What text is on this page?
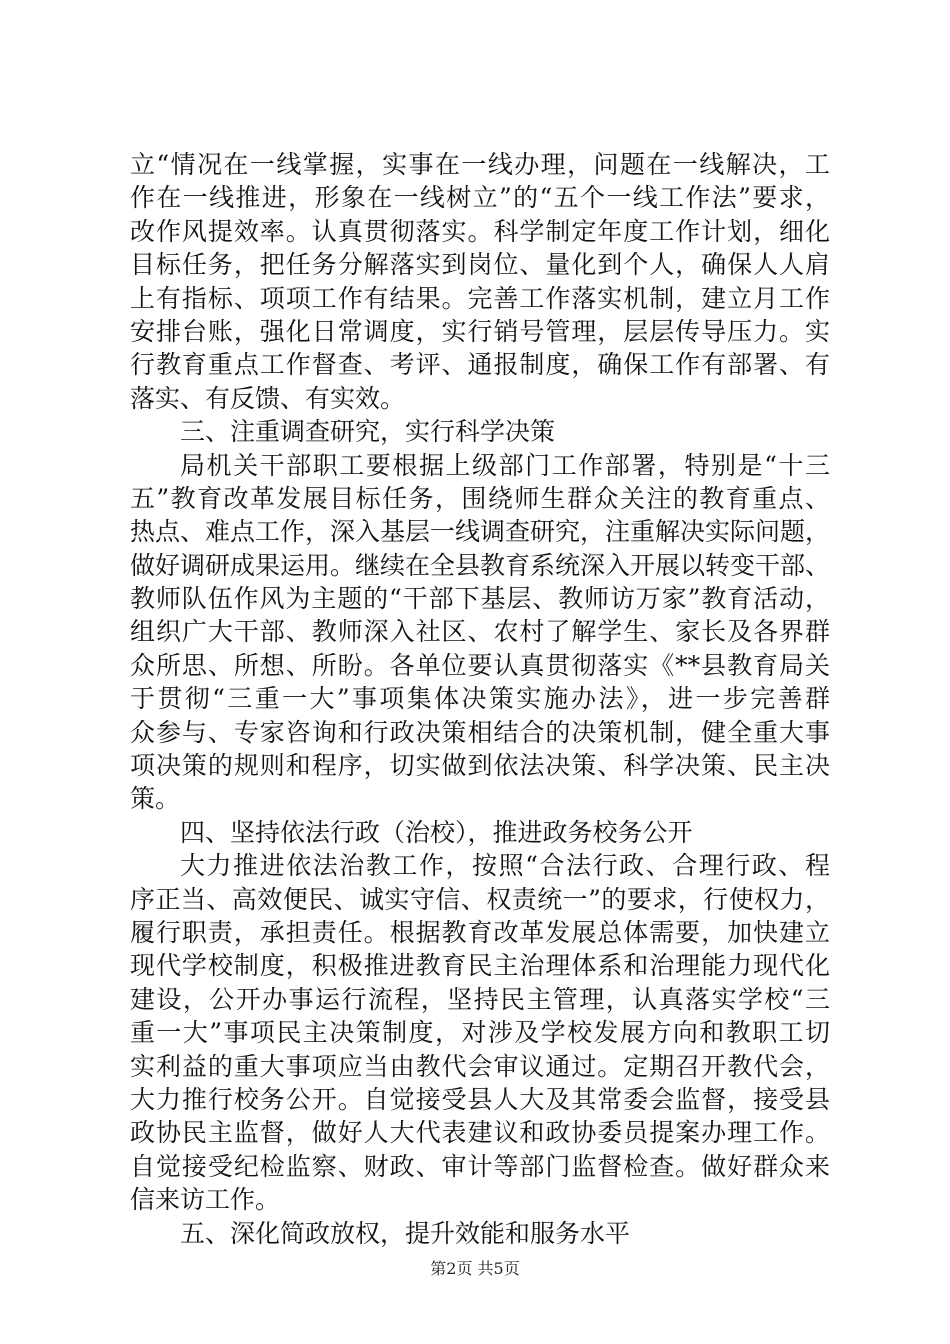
立“情况在一线掌握，实事在一线办理，问题在一线解决，工
作在一线推进，形象在一线树立”的“五个一线工作法”要求，
改作风提效率。认真贯彻落实。科学制定年度工作计划，细化
目标任务，把任务分解落实到岗位、量化到个人，确保人人肩
上有指标、项项工作有结果。完善工作落实机制，建立月工作
安排台账，强化日常调度，实行销号管理，层层传导压力。实
行教育重点工作督查、考评、通报制度，确保工作有部署、有
落实、有反馈、有实效。
三、注重调查研究，实行科学决策
局机关干部职工要根据上级部门工作部署，特别是“十三
五”教育改革发展目标任务，围绕师生群众关注的教育重点、
热点、难点工作，深入基层一线调查研究，注重解决实际问题，
做好调研成果运用。继续在全县教育系统深入开展以转变干部、
教师队伍作风为主题的“干部下基层、教师访万家”教育活动，
组织广大干部、教师深入社区、农村了解学生、家长及各界群
众所思、所想、所盼。各单位要认真贯彻落实《**县教育局关
于贯彻“三重一大”事项集体决策实施办法》，进一步完善群
众参与、专家咨询和行政决策相结合的决策机制，健全重大事
项决策的规则和程序，切实做到依法决策、科学决策、民主决
策。
四、坚持依法行政（治校），推进政务校务公开
大力推进依法治教工作，按照“合法行政、合理行政、程
序正当、高效便民、诚实守信、权责统一”的要求，行使权力，
履行职责，承担责任。根据教育改革发展总体需要，加快建立
现代学校制度，积极推进教育民主治理体系和治理能力现代化
建设，公开办事运行流程，坚持民主管理，认真落实学校“三
重一大”事项民主决策制度，对涉及学校发展方向和教职工切
实利益的重大事项应当由教代会审议通过。定期召开教代会，
大力推行校务公开。自觉接受县人大及其常委会监督，接受县
政协民主监督，做好人大代表建议和政协委员提案办理工作。
自觉接受纪检监察、财政、审计等部门监督检查。做好群众来
信来访工作。
五、深化简政放权，提升效能和服务水平
第2页 共5页
